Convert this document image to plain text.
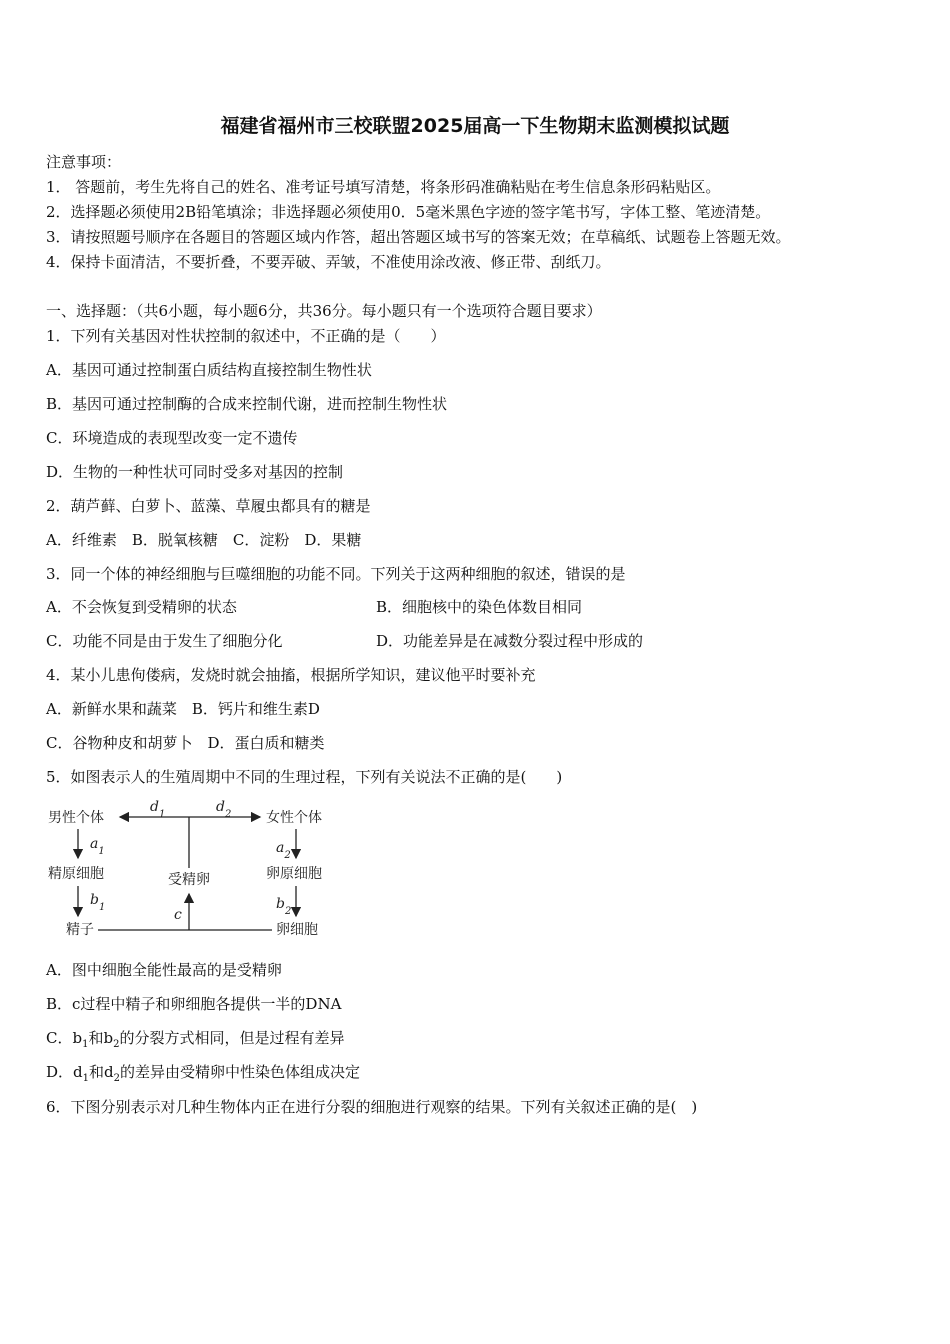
福建省福州市三校联盟2025届高一下生物期末监测模拟试题
注意事项：
1． 答题前，考生先将自己的姓名、准考证号填写清楚，将条形码准确粘贴在考生信息条形码粘贴区。
2．选择题必须使用2B铅笔填涂；非选择题必须使用0．5毫米黑色字迹的签字笔书写，字体工整、笔迹清楚。
3．请按照题号顺序在各题目的答题区域内作答，超出答题区域书写的答案无效；在草稿纸、试题卷上答题无效。
4．保持卡面清洁，不要折叠，不要弄破、弄皱，不准使用涂改液、修正带、刮纸刀。
一、选择题：（共6小题，每小题6分，共36分。每小题只有一个选项符合题目要求）
1．下列有关基因对性状控制的叙述中，不正确的是（　　）
A．基因可通过控制蛋白质结构直接控制生物性状
B．基因可通过控制酶的合成来控制代谢，进而控制生物性状
C．环境造成的表现型改变一定不遗传
D．生物的一种性状可同时受多对基因的控制
2．葫芦藓、白萝卜、蓝藻、草履虫都具有的糖是
A．纤维素　B．脱氧核糖　C．淀粉　D．果糖
3．同一个体的神经细胞与巨噬细胞的功能不同。下列关于这两种细胞的叙述，错误的是
A．不会恢复到受精卵的状态	B．细胞核中的染色体数目相同
C．功能不同是由于发生了细胞分化	D．功能差异是在减数分裂过程中形成的
4．某小儿患佝偻病，发烧时就会抽搐，根据所学知识，建议他平时要补充
A．新鲜水果和蔬菜　B．钙片和维生素D
C．谷物种皮和胡萝卜　D．蛋白质和糖类
5．如图表示人的生殖周期中不同的生理过程，下列有关说法不正确的是(　　)
男性个体	女性个体
$d_1$	$d_2$
$a_1$	$a_2$
精原细胞	受精卵	卵原细胞
$b_1$	$b_2$
精子	卵细胞
c
A．图中细胞全能性最高的是受精卵
B．c过程中精子和卵细胞各提供一半的DNA
C．$b_1$和$b_2$的分裂方式相同，但是过程有差异
D．$d_1$和$d_2$的差异由受精卵中性染色体组成决定
6．下图分别表示对几种生物体内正在进行分裂的细胞进行观察的结果。下列有关叙述正确的是(　)
